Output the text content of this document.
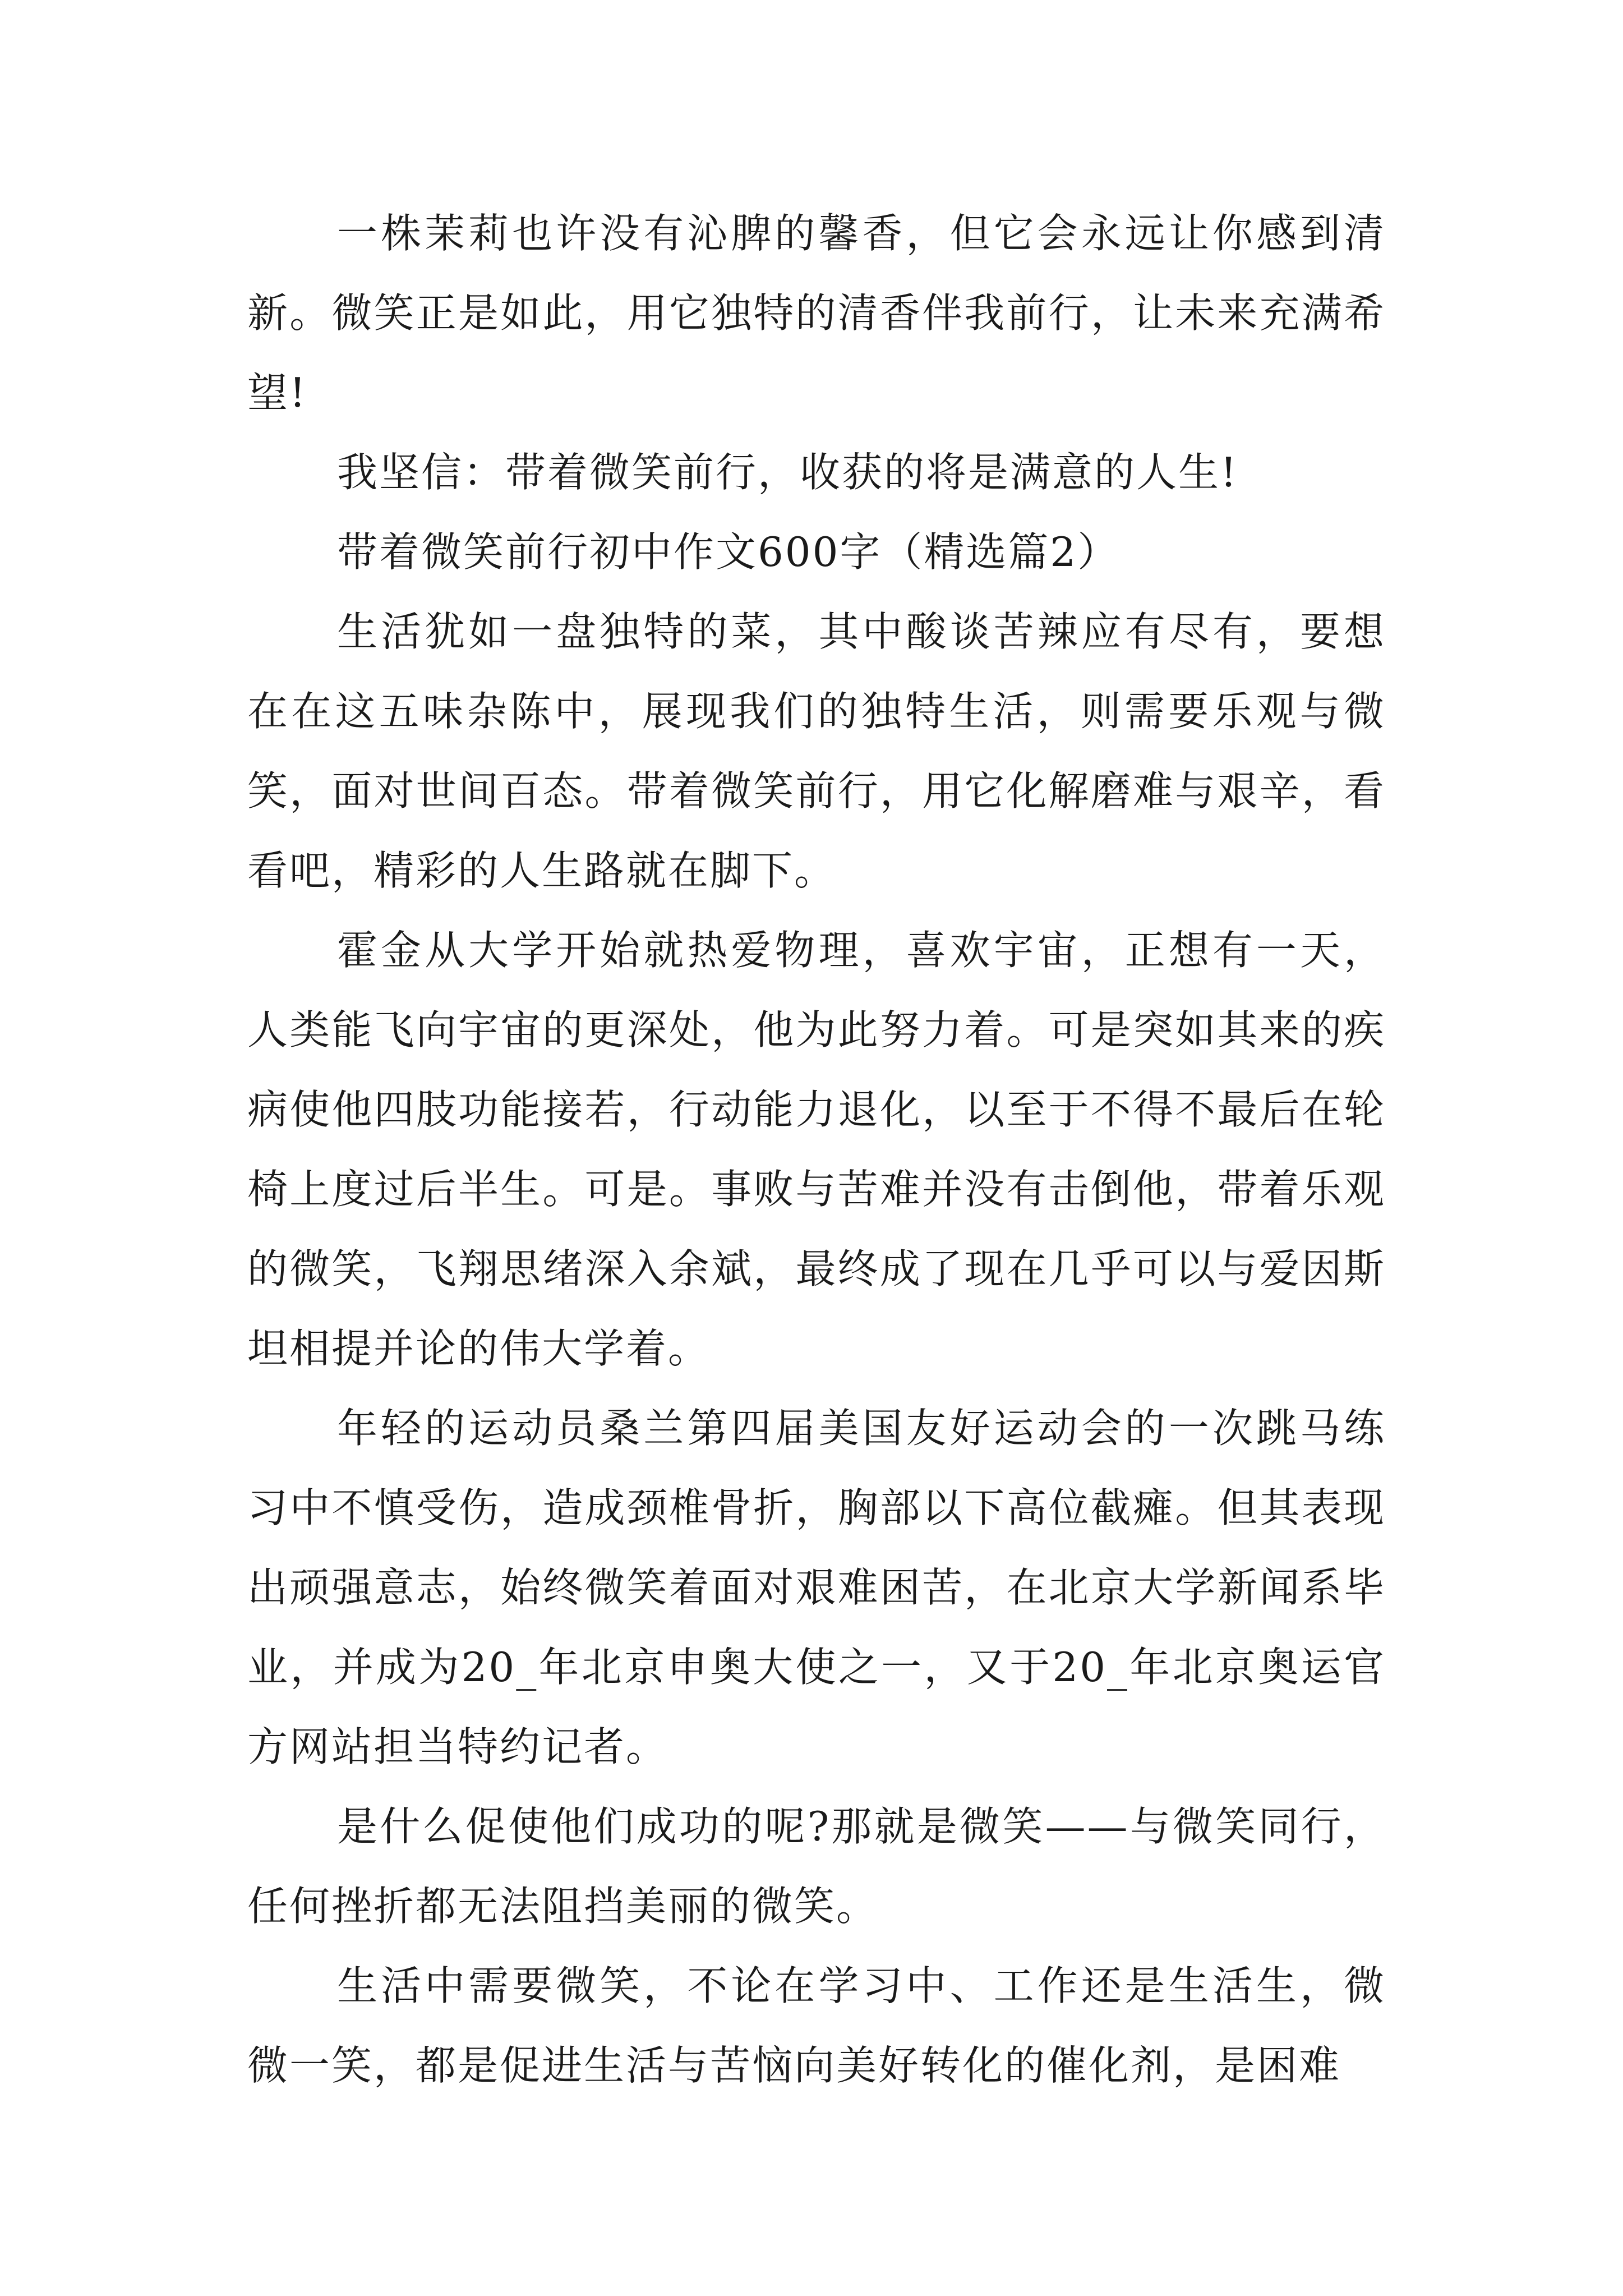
一株茉莉也许没有沁脾的馨香，但它会永远让你感到清新。微笑正是如此，用它独特的清香伴我前行，让未来充满希望!

我坚信：带着微笑前行，收获的将是满意的人生!

带着微笑前行初中作文600字（精选篇2）

生活犹如一盘独特的菜，其中酸谈苦辣应有尽有，要想在在这五味杂陈中，展现我们的独特生活，则需要乐观与微笑，面对世间百态。带着微笑前行，用它化解磨难与艰辛，看看吧，精彩的人生路就在脚下。

霍金从大学开始就热爱物理，喜欢宇宙，正想有一天，人类能飞向宇宙的更深处，他为此努力着。可是突如其来的疾病使他四肢功能接若，行动能力退化，以至于不得不最后在轮椅上度过后半生。可是。事败与苦难并没有击倒他，带着乐观的微笑，飞翔思绪深入余斌，最终成了现在几乎可以与爱因斯坦相提并论的伟大学着。

年轻的运动员桑兰第四届美国友好运动会的一次跳马练习中不慎受伤，造成颈椎骨折，胸部以下高位截瘫。但其表现出顽强意志，始终微笑着面对艰难困苦，在北京大学新闻系毕业，并成为20_年北京申奥大使之一，又于20_年北京奥运官方网站担当特约记者。

是什么促使他们成功的呢?那就是微笑——与微笑同行，任何挫折都无法阻挡美丽的微笑。

生活中需要微笑，不论在学习中、工作还是生活生，微微一笑，都是促进生活与苦恼向美好转化的催化剂，是困难
